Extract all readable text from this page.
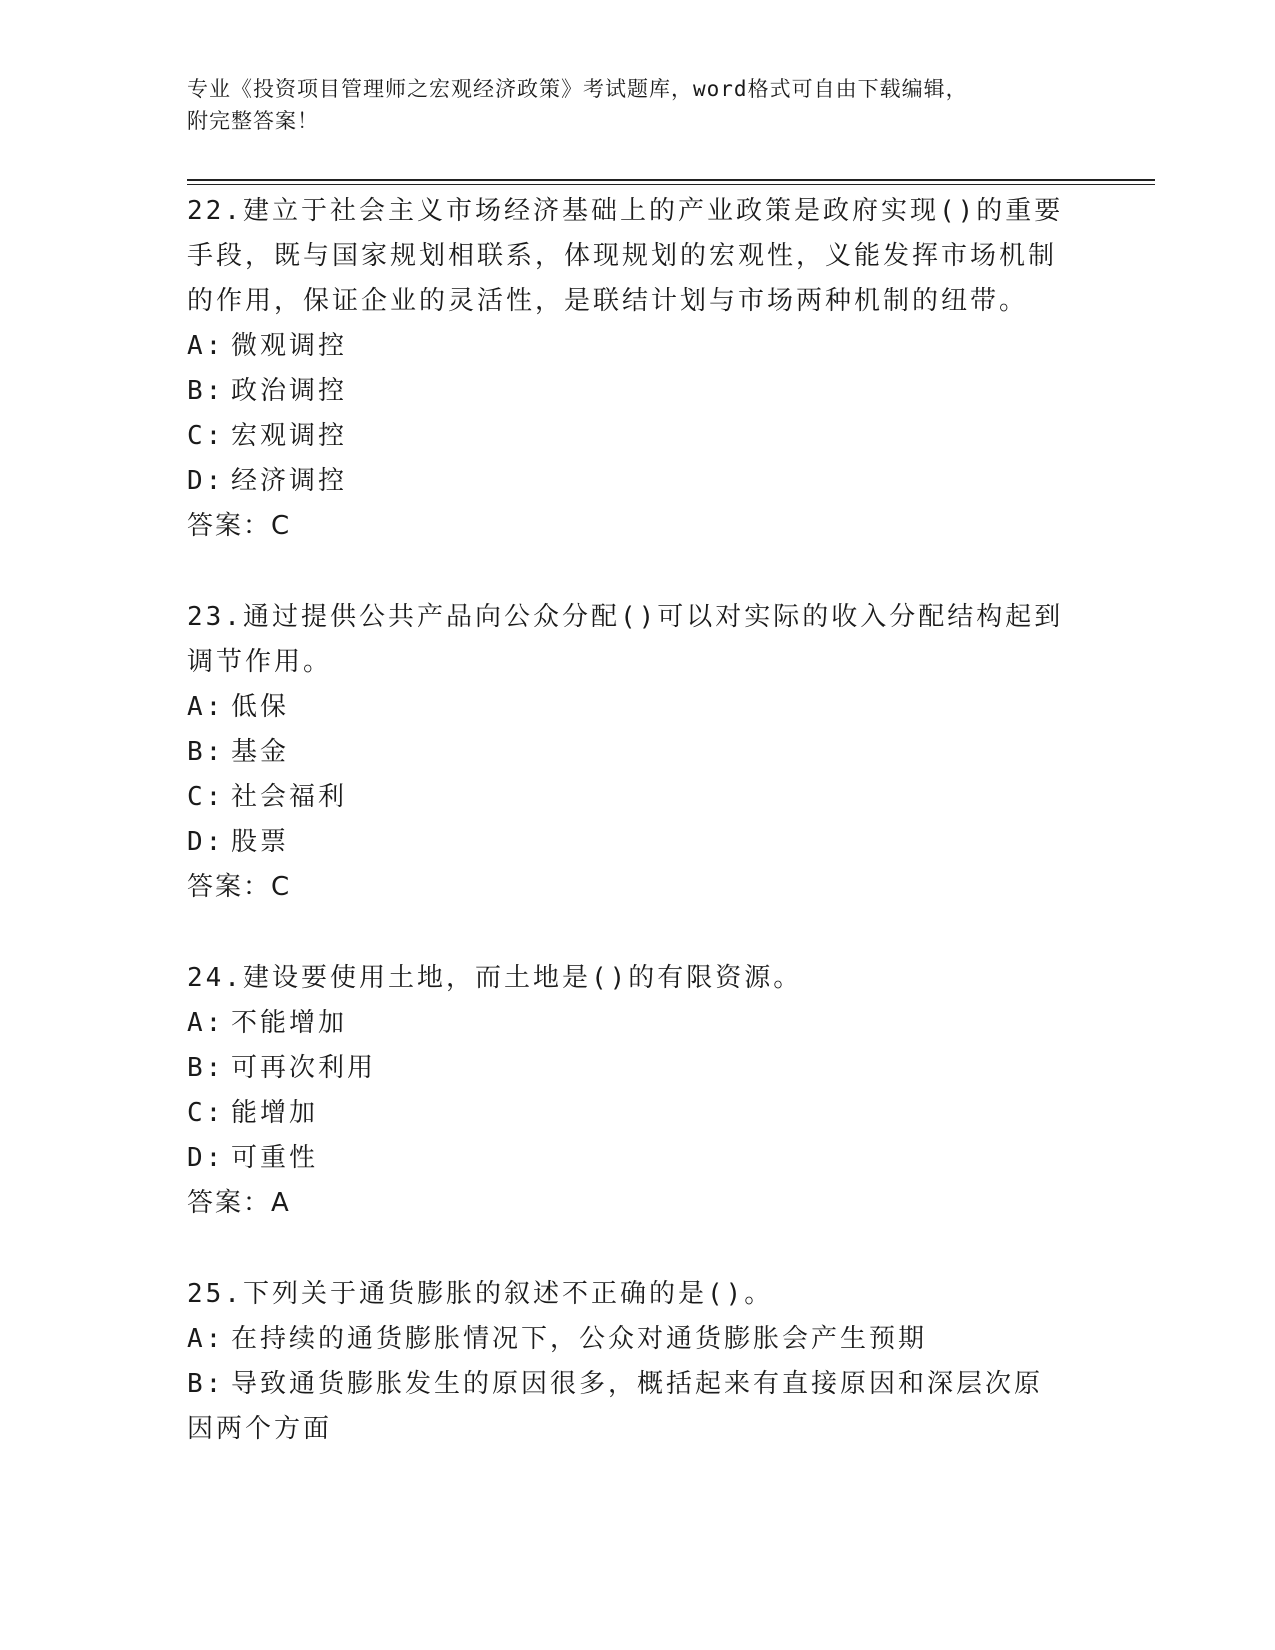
专业《投资项目管理师之宏观经济政策》考试题库，word格式可自由下载编辑，
附完整答案！

22.建立于社会主义市场经济基础上的产业政策是政府实现()的重要手段，既与国家规划相联系，体现规划的宏观性，义能发挥市场机制的作用，保证企业的灵活性，是联结计划与市场两种机制的纽带。

A: 微观调控

B: 政治调控

C: 宏观调控

D: 经济调控

答案：C

23.通过提供公共产品向公众分配()可以对实际的收入分配结构起到调节作用。

A: 低保

B: 基金

C: 社会福利

D: 股票

答案：C

24.建设要使用土地，而土地是()的有限资源。

A: 不能增加

B: 可再次利用

C: 能增加

D: 可重性

答案：A

25.下列关于通货膨胀的叙述不正确的是()。

A: 在持续的通货膨胀情况下，公众对通货膨胀会产生预期

B: 导致通货膨胀发生的原因很多，概括起来有直接原因和深层次原因两个方面
